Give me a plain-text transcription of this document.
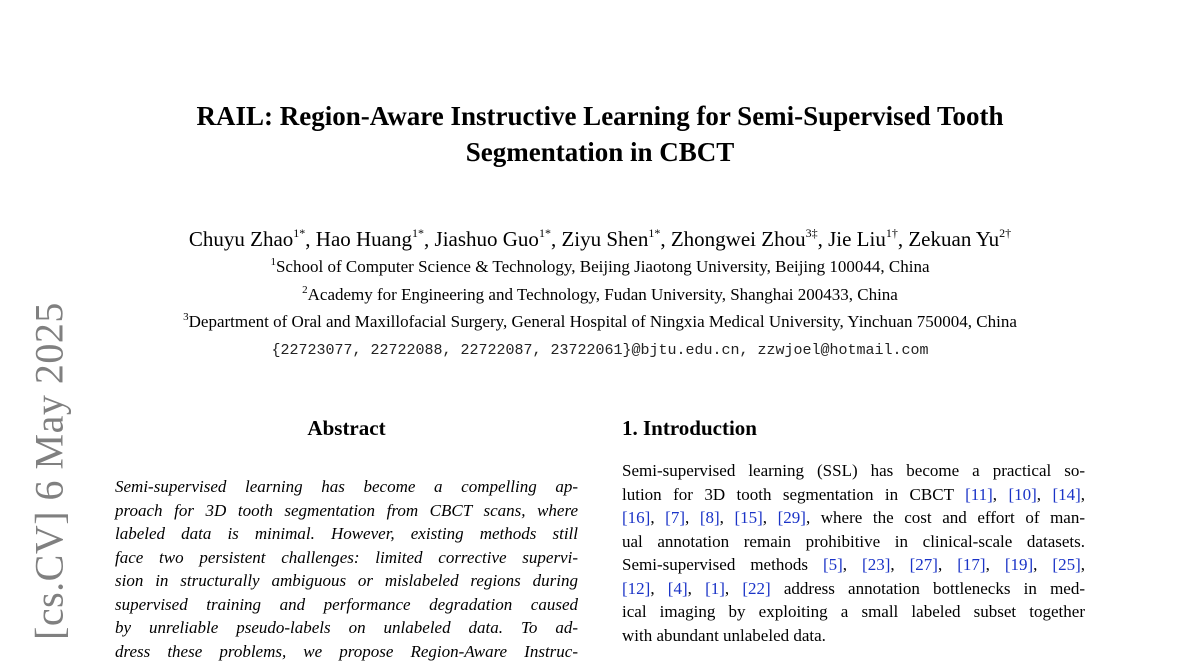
[cs.CV] 6 May 2025
RAIL: Region-Aware Instructive Learning for Semi-Supervised Tooth
Segmentation in CBCT
Chuyu Zhao$^{1*}$, Hao Huang$^{1*}$, Jiashuo Guo$^{1*}$, Ziyu Shen$^{1*}$, Zhongwei Zhou$^{3\ddagger}$, Jie Liu$^{1\dagger}$, Zekuan $Yu^{2\dagger}$
$^1$School of Computer Science & Technology, Beijing Jiaotong University, Beijing 100044, China
$^2$Academy for Engineering and Technology, Fudan University, Shanghai 200433, China
$^3$Department of Oral and Maxillofacial Surgery, General Hospital of Ningxia Medical University, Yinchuan 750004, China
{22723077, 22722088, 22722087, 23722061}@bjtu.edu.cn, zzwjoel@hotmail.com
Abstract
Semi-supervised learning has become a compelling ap-
proach for 3D tooth segmentation from CBCT scans, where
labeled data is minimal. However, existing methods still
face two persistent challenges: limited corrective supervi-
sion in structurally ambiguous or mislabeled regions during
supervised training and performance degradation caused
by unreliable pseudo-labels on unlabeled data. To ad-
dress these problems, we propose Region-Aware Instruc-
1. Introduction
Semi-supervised learning (SSL) has become a practical so-
lution for 3D tooth segmentation in CBCT [11], [10], [14],
[16], [7], [8], [15], [29], where the cost and effort of man-
ual annotation remain prohibitive in clinical-scale datasets.
Semi-supervised methods [5], [23], [27], [17], [19], [25],
[12], [4], [1], [22] address annotation bottlenecks in med-
ical imaging by exploiting a small labeled subset together
with abundant unlabeled data.
